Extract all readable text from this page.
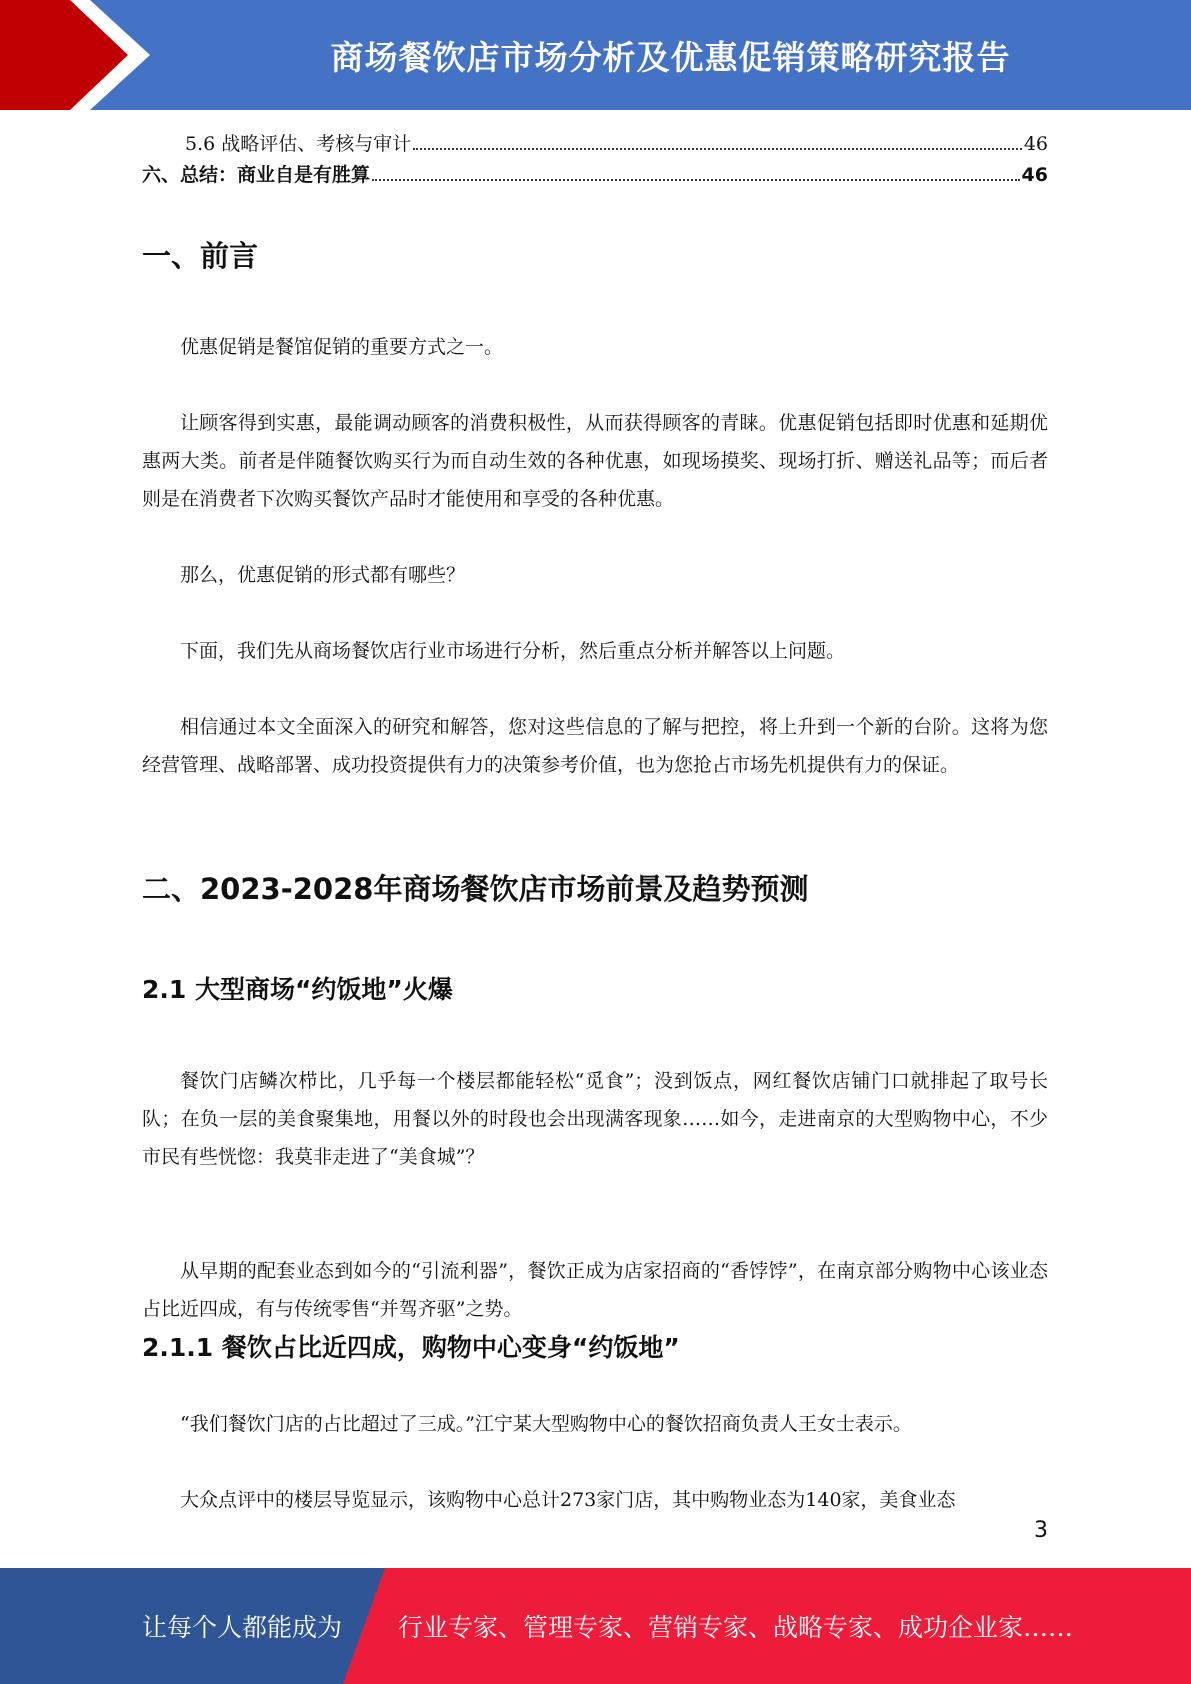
商场餐饮店市场分析及优惠促销策略研究报告
5.6 战略评估、考核与审计	46
六、总结：商业自是有胜算	46
一、前言

优惠促销是餐馆促销的重要方式之一。

让顾客得到实惠，最能调动顾客的消费积极性，从而获得顾客的青睐。优惠促销包括即时优惠和延期优惠两大类。前者是伴随餐饮购买行为而自动生效的各种优惠，如现场摸奖、现场打折、赠送礼品等；而后者则是在消费者下次购买餐饮产品时才能使用和享受的各种优惠。

那么，优惠促销的形式都有哪些？

下面，我们先从商场餐饮店行业市场进行分析，然后重点分析并解答以上问题。

相信通过本文全面深入的研究和解答，您对这些信息的了解与把控，将上升到一个新的台阶。这将为您经营管理、战略部署、成功投资提供有力的决策参考价值，也为您抢占市场先机提供有力的保证。

二、2023-2028年商场餐饮店市场前景及趋势预测
2.1 大型商场“约饭地”火爆

餐饮门店鳞次栉比，几乎每一个楼层都能轻松“觅食”；没到饭点，网红餐饮店铺门口就排起了取号长队；在负一层的美食聚集地，用餐以外的时段也会出现满客现象……如今，走进南京的大型购物中心，不少市民有些恍惚：我莫非走进了“美食城”？

从早期的配套业态到如今的“引流利器”，餐饮正成为店家招商的“香饽饽”，在南京部分购物中心该业态占比近四成，有与传统零售“并驾齐驱”之势。

2.1.1 餐饮占比近四成，购物中心变身“约饭地”

“我们餐饮门店的占比超过了三成。”江宁某大型购物中心的餐饮招商负责人王女士表示。

大众点评中的楼层导览显示，该购物中心总计273家门店，其中购物业态为140家，美食业态

3
让每个人都能成为 行业专家、管理专家、营销专家、战略专家、成功企业家……
